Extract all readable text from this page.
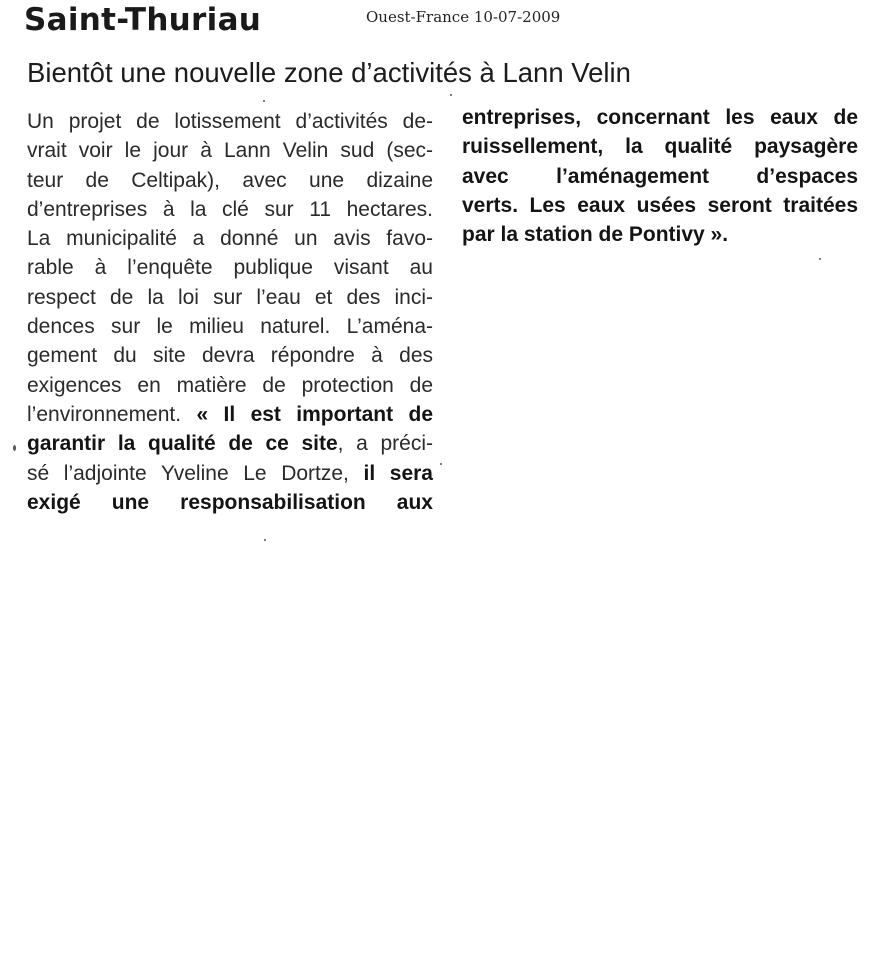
Saint-Thuriau	Ouest-France 10-07-2009

Bientôt une nouvelle zone d’activités à Lann Velin
Un projet de lotissement d’activités de-
vrait voir le jour à Lann Velin sud (sec-
teur de Celtipak), avec une dizaine
d’entreprises à la clé sur 11 hectares.
La municipalité a donné un avis favo-
rable à l’enquête publique visant au
respect de la loi sur l’eau et des inci-
dences sur le milieu naturel. L’aména-
gement du site devra répondre à des
exigences en matière de protection de
l’environnement. « Il est important de
garantir la qualité de ce site, a préci-
sé l’adjointe Yveline Le Dortze, il sera
exigé une responsabilisation aux
entreprises, concernant les eaux de
ruissellement, la qualité paysagère
avec l’aménagement d’espaces
verts. Les eaux usées seront traitées
par la station de Pontivy ».
